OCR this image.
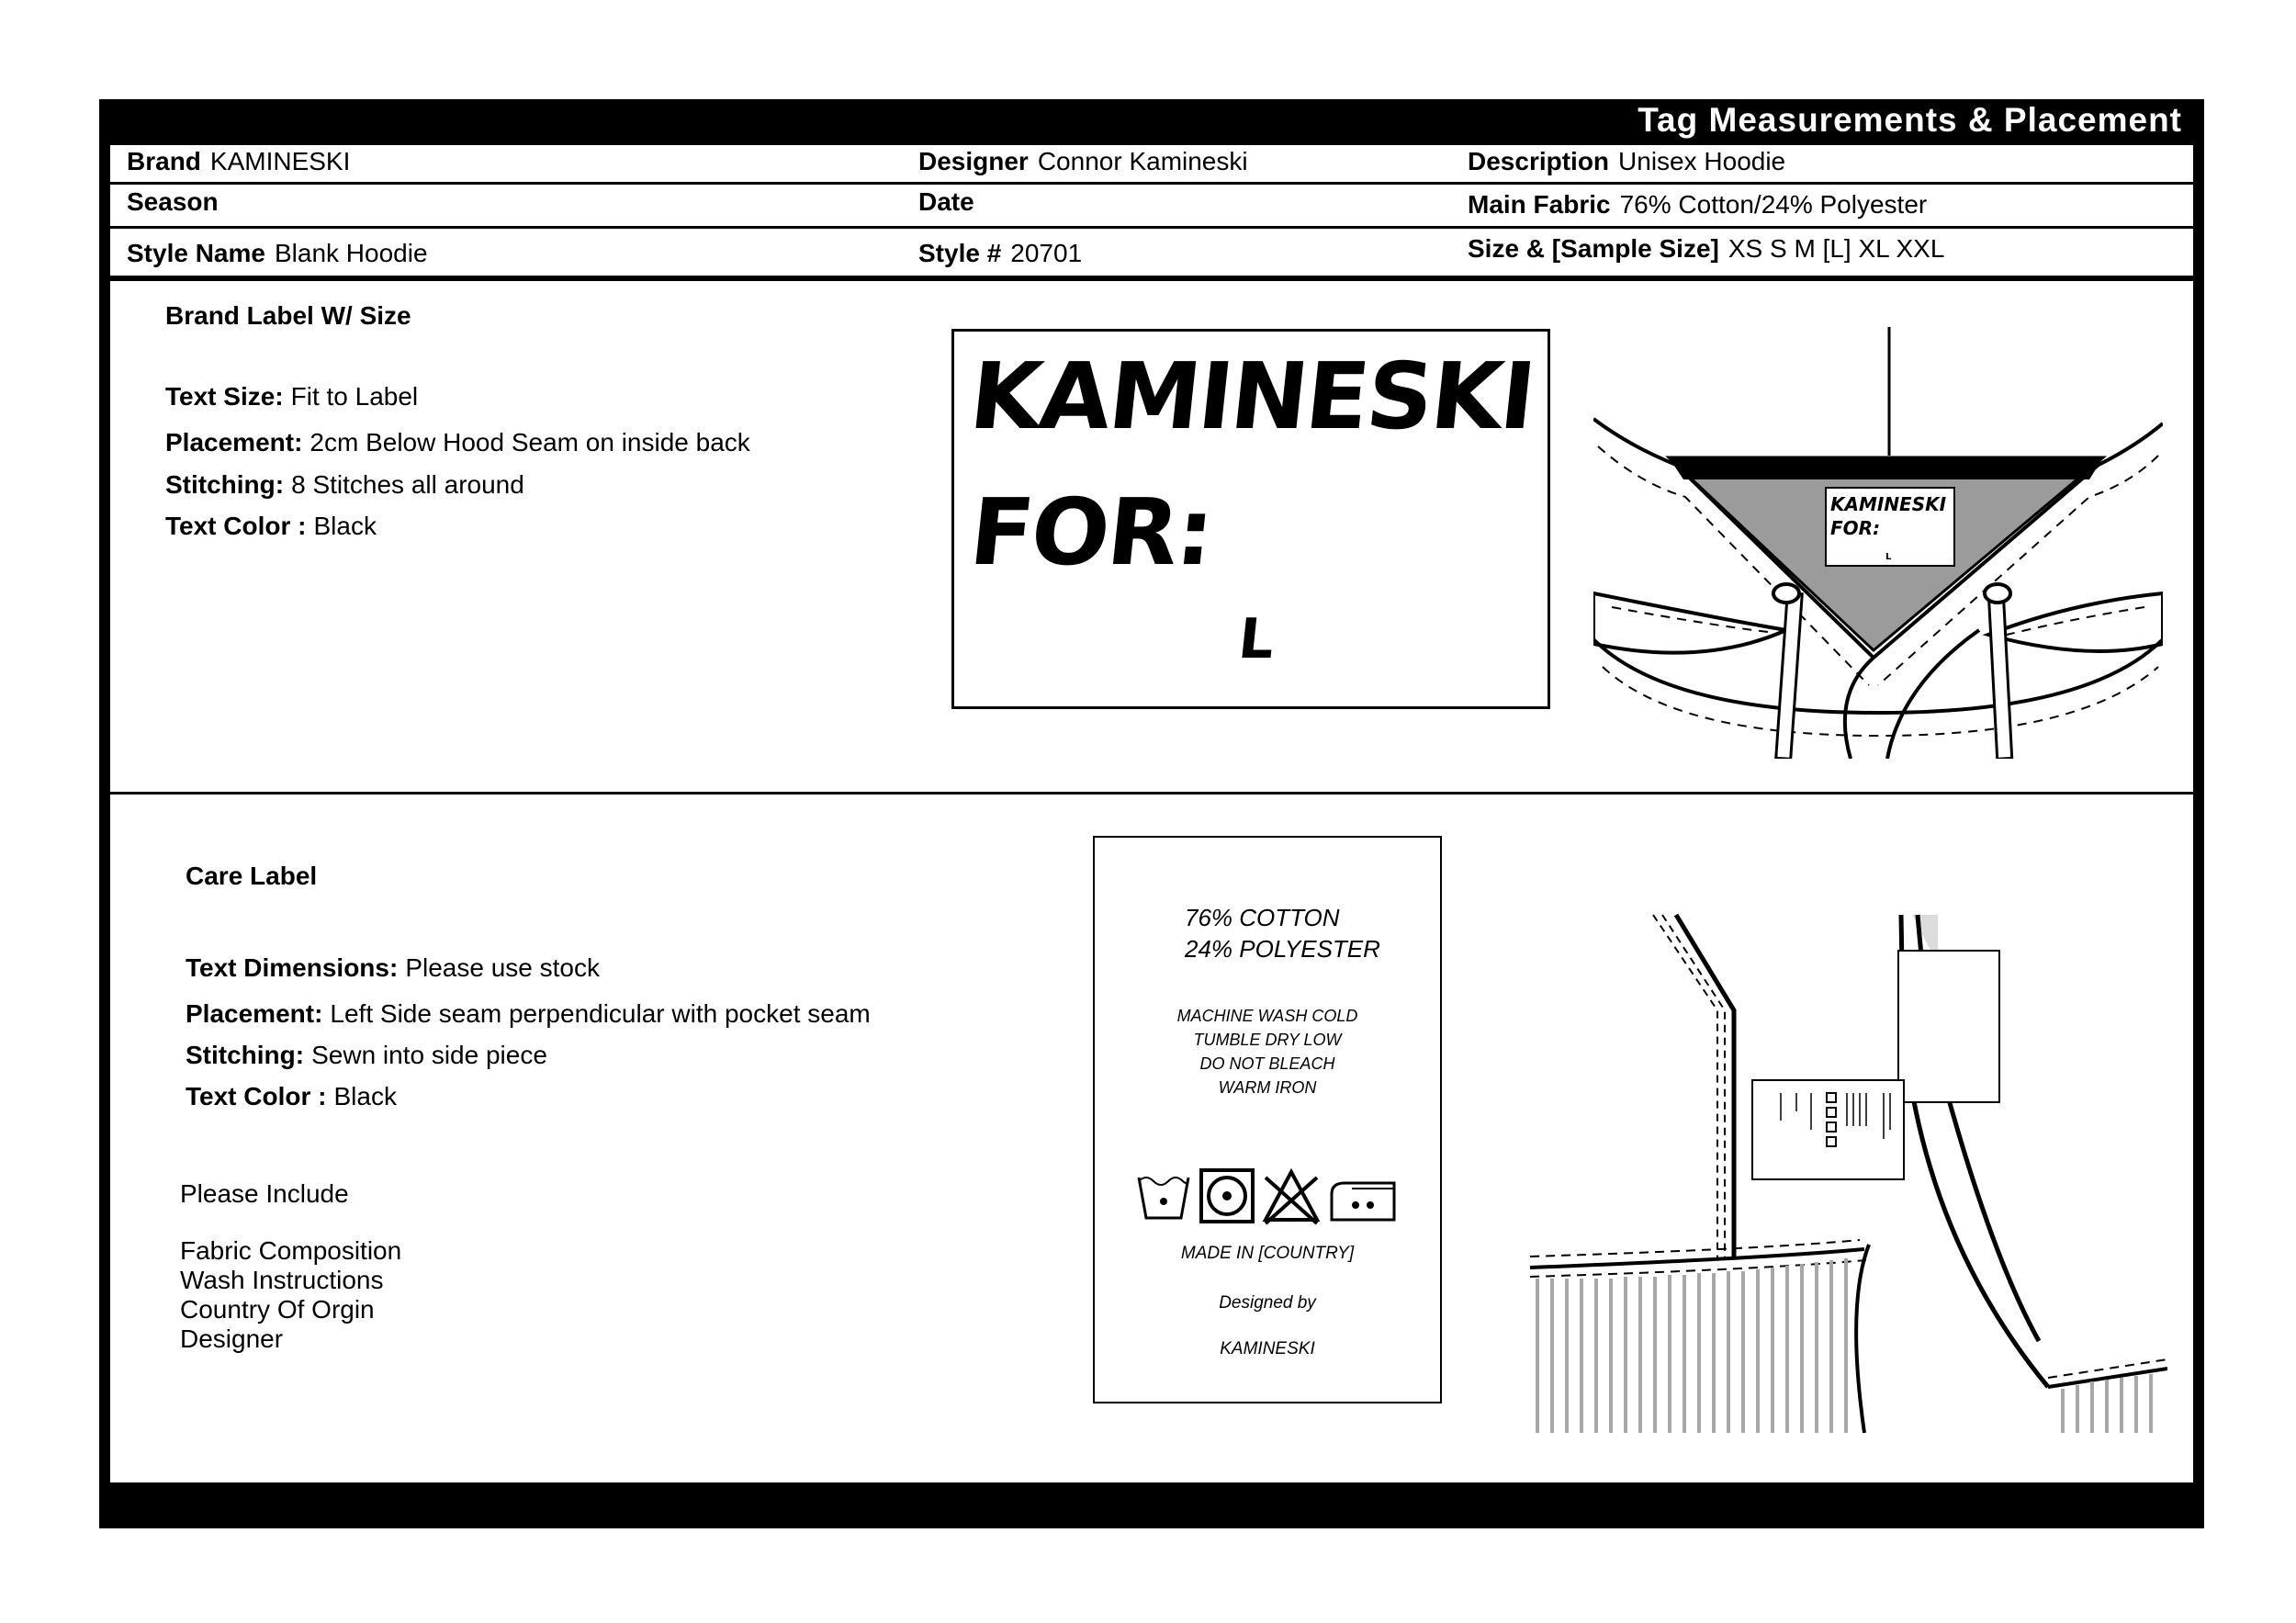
Tag Measurements & Placement
Brand KAMINESKI	Designer Connor Kamineski	Description Unisex Hoodie
Season	Date	Main Fabric 76% Cotton/24% Polyester
Style Name Blank Hoodie	Style # 20701	Size & [Sample Size] XS S M [L] XL XXL
Brand Label W/ Size
Text Size: Fit to Label
Placement: 2cm Below Hood Seam on inside back
Stitching: 8 Stitches all around
Text Color : Black
KAMINESKI
FOR:
L
KAMINESKI
FOR:
L
Care Label
Text Dimensions: Please use stock
Placement: Left Side seam perpendicular with pocket seam
Stitching: Sewn into side piece
Text Color : Black
Please Include
Fabric Composition
Wash Instructions
Country Of Orgin
Designer
76% COTTON
24% POLYESTER
MACHINE WASH COLD
TUMBLE DRY LOW
DO NOT BLEACH
WARM IRON
MADE IN [COUNTRY]
Designed by
KAMINESKI
